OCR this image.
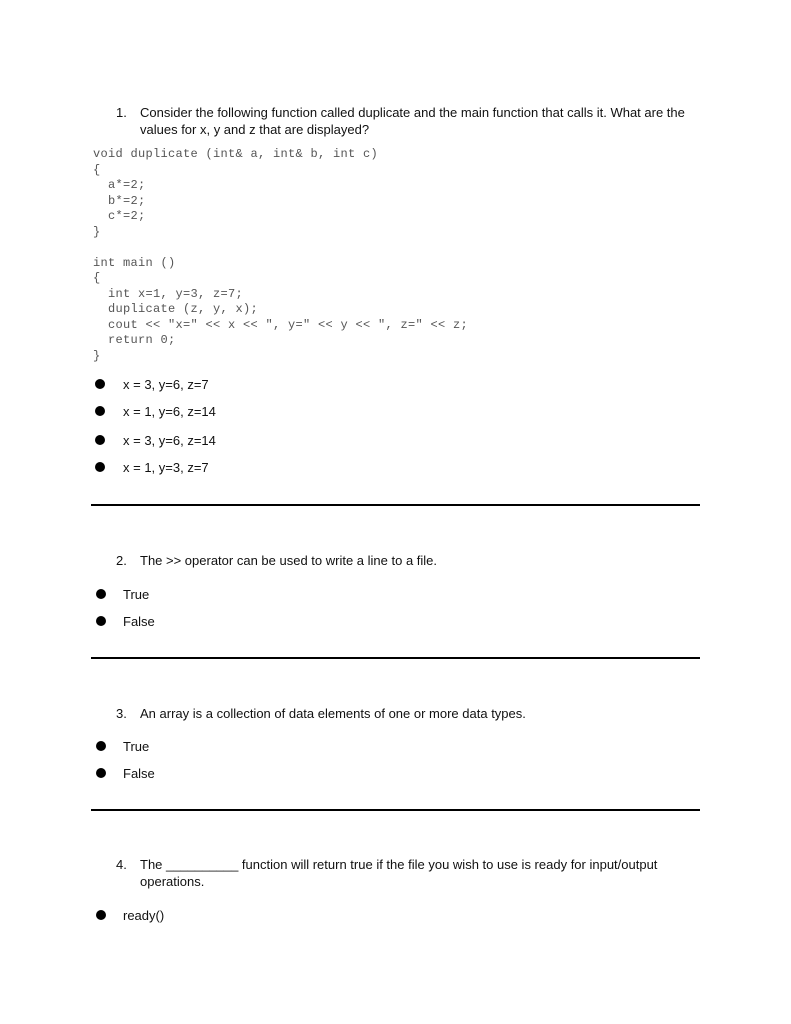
1. Consider the following function called duplicate and the main function that calls it. What are the values for x, y and z that are displayed?
void duplicate (int& a, int& b, int c)
{
a*=2;
b*=2;
c*=2;
}

int main ()
{
int x=1, y=3, z=7;
duplicate (z, y, x);
cout << "x=" << x << ", y=" << y << ", z=" << z;
return 0;
}
x = 3, y=6, z=7
x = 1, y=6, z=14
x = 3, y=6, z=14
x = 1, y=3, z=7
2. The >> operator can be used to write a line to a file.
True
False
3. An array is a collection of data elements of one or more data types.
True
False
4. The __________ function will return true if the file you wish to use is ready for input/output operations.
ready()
